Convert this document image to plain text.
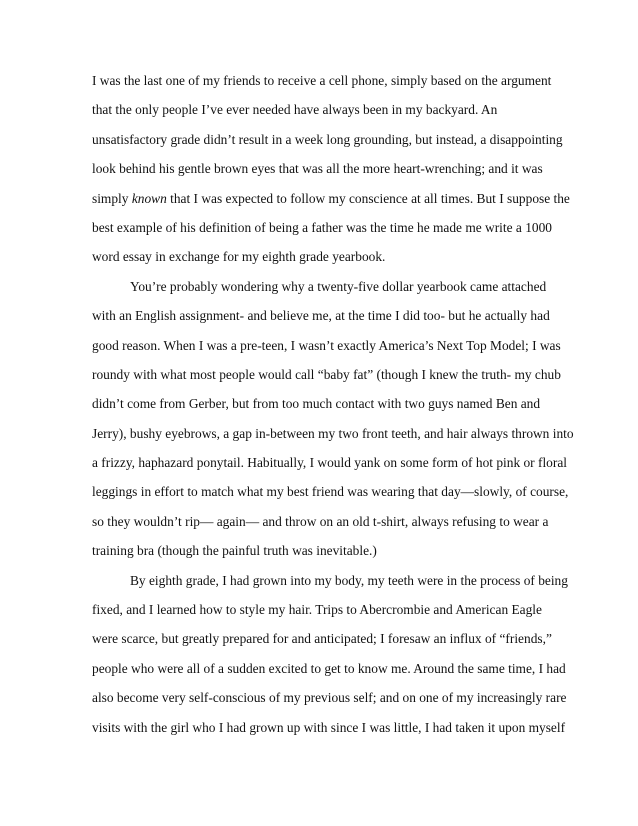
I was the last one of my friends to receive a cell phone, simply based on the argument
that the only people I’ve ever needed have always been in my backyard. An
unsatisfactory grade didn’t result in a week long grounding, but instead, a disappointing
look behind his gentle brown eyes that was all the more heart-wrenching; and it was
simply known that I was expected to follow my conscience at all times. But I suppose the
best example of his definition of being a father was the time he made me write a 1000
word essay in exchange for my eighth grade yearbook.
You’re probably wondering why a twenty-five dollar yearbook came attached
with an English assignment- and believe me, at the time I did too- but he actually had
good reason. When I was a pre-teen, I wasn’t exactly America’s Next Top Model; I was
roundy with what most people would call “baby fat” (though I knew the truth- my chub
didn’t come from Gerber, but from too much contact with two guys named Ben and
Jerry), bushy eyebrows, a gap in-between my two front teeth, and hair always thrown into
a frizzy, haphazard ponytail. Habitually, I would yank on some form of hot pink or floral
leggings in effort to match what my best friend was wearing that day—slowly, of course,
so they wouldn’t rip— again— and throw on an old t-shirt, always refusing to wear a
training bra (though the painful truth was inevitable.)
By eighth grade, I had grown into my body, my teeth were in the process of being
fixed, and I learned how to style my hair. Trips to Abercrombie and American Eagle
were scarce, but greatly prepared for and anticipated; I foresaw an influx of “friends,”
people who were all of a sudden excited to get to know me. Around the same time, I had
also become very self-conscious of my previous self; and on one of my increasingly rare
visits with the girl who I had grown up with since I was little, I had taken it upon myself
